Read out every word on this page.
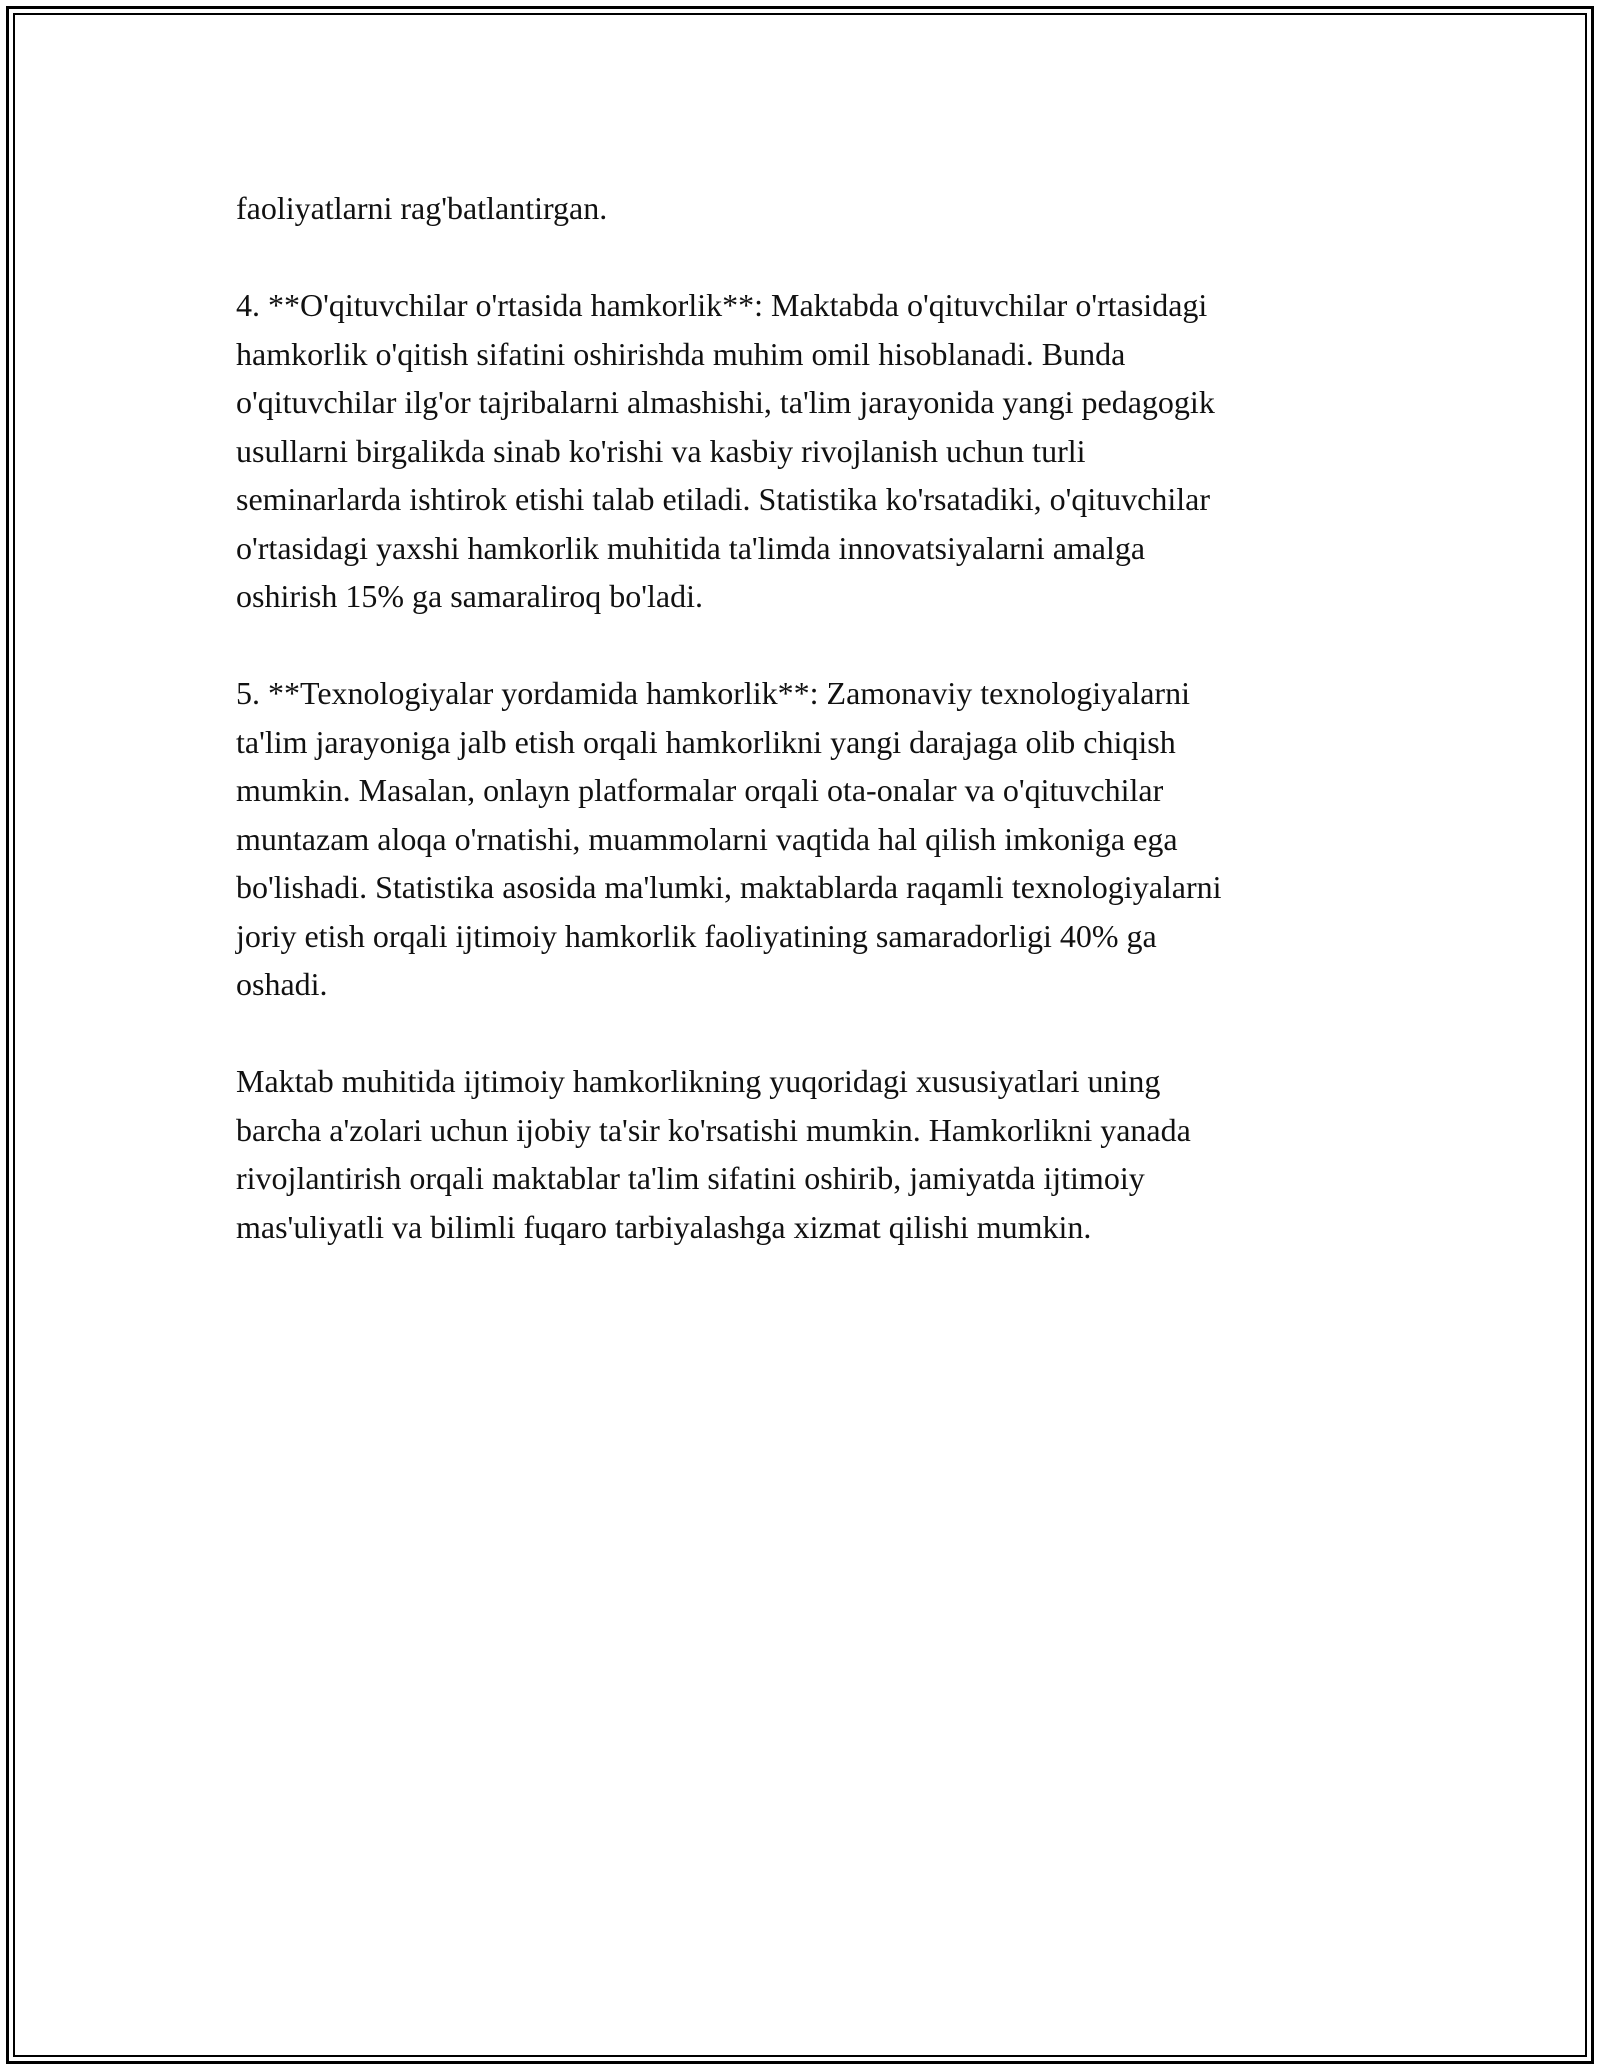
faoliyatlarni rag'batlantirgan.

4. **O'qituvchilar o'rtasida hamkorlik**: Maktabda o'qituvchilar o'rtasidagi
hamkorlik o'qitish sifatini oshirishda muhim omil hisoblanadi. Bunda
o'qituvchilar ilg'or tajribalarni almashishi, ta'lim jarayonida yangi pedagogik
usullarni birgalikda sinab ko'rishi va kasbiy rivojlanish uchun turli
seminarlarda ishtirok etishi talab etiladi. Statistika ko'rsatadiki, o'qituvchilar
o'rtasidagi yaxshi hamkorlik muhitida ta'limda innovatsiyalarni amalga
oshirish 15% ga samaraliroq bo'ladi.

5. **Texnologiyalar yordamida hamkorlik**: Zamonaviy texnologiyalarni
ta'lim jarayoniga jalb etish orqali hamkorlikni yangi darajaga olib chiqish
mumkin. Masalan, onlayn platformalar orqali ota-onalar va o'qituvchilar
muntazam aloqa o'rnatishi, muammolarni vaqtida hal qilish imkoniga ega
bo'lishadi. Statistika asosida ma'lumki, maktablarda raqamli texnologiyalarni
joriy etish orqali ijtimoiy hamkorlik faoliyatining samaradorligi 40% ga
oshadi.

Maktab muhitida ijtimoiy hamkorlikning yuqoridagi xususiyatlari uning
barcha a'zolari uchun ijobiy ta'sir ko'rsatishi mumkin. Hamkorlikni yanada
rivojlantirish orqali maktablar ta'lim sifatini oshirib, jamiyatda ijtimoiy
mas'uliyatli va bilimli fuqaro tarbiyalashga xizmat qilishi mumkin.
